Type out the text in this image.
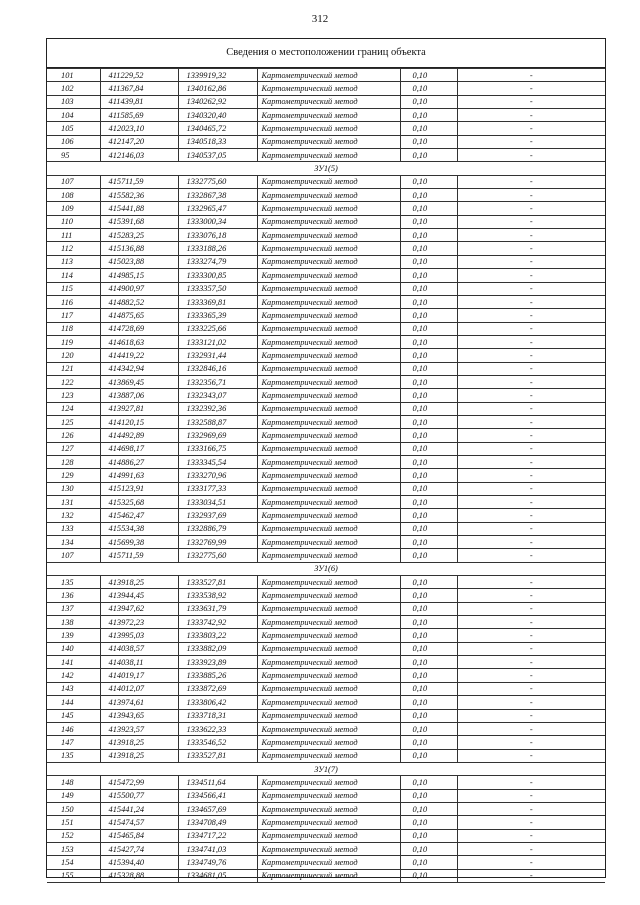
312
Сведения о местоположении границ объекта
101	411229,52	1339919,32	Картометрический метод	0,10	-
102	411367,84	1340162,86	Картометрический метод	0,10	-
103	411439,81	1340262,92	Картометрический метод	0,10	-
104	411585,69	1340320,40	Картометрический метод	0,10	-
105	412023,10	1340465,72	Картометрический метод	0,10	-
106	412147,20	1340518,33	Картометрический метод	0,10	-
95	412146,03	1340537,05	Картометрический метод	0,10	-
ЗУ1(5)					
107	415711,59	1332775,60	Картометрический метод	0,10	-
108	415582,36	1332867,38	Картометрический метод	0,10	-
109	415441,88	1332965,47	Картометрический метод	0,10	-
110	415391,68	1333000,34	Картометрический метод	0,10	-
111	415283,25	1333076,18	Картометрический метод	0,10	-
112	415136,88	1333188,26	Картометрический метод	0,10	-
113	415023,88	1333274,79	Картометрический метод	0,10	-
114	414985,15	1333300,85	Картометрический метод	0,10	-
115	414900,97	1333357,50	Картометрический метод	0,10	-
116	414882,52	1333369,81	Картометрический метод	0,10	-
117	414875,65	1333365,39	Картометрический метод	0,10	-
118	414728,69	1333225,66	Картометрический метод	0,10	-
119	414618,63	1333121,02	Картометрический метод	0,10	-
120	414419,22	1332931,44	Картометрический метод	0,10	-
121	414342,94	1332846,16	Картометрический метод	0,10	-
122	413869,45	1332356,71	Картометрический метод	0,10	-
123	413887,06	1332343,07	Картометрический метод	0,10	-
124	413927,81	1332392,36	Картометрический метод	0,10	-
125	414120,15	1332588,87	Картометрический метод	0,10	-
126	414492,89	1332969,69	Картометрический метод	0,10	-
127	414698,17	1333166,75	Картометрический метод	0,10	-
128	414886,27	1333345,54	Картометрический метод	0,10	-
129	414991,63	1333270,96	Картометрический метод	0,10	-
130	415123,91	1333177,33	Картометрический метод	0,10	-
131	415325,68	1333034,51	Картометрический метод	0,10	-
132	415462,47	1332937,69	Картометрический метод	0,10	-
133	415534,38	1332886,79	Картометрический метод	0,10	-
134	415699,38	1332769,99	Картометрический метод	0,10	-
107	415711,59	1332775,60	Картометрический метод	0,10	-
ЗУ1(6)					
135	413918,25	1333527,81	Картометрический метод	0,10	-
136	413944,45	1333538,92	Картометрический метод	0,10	-
137	413947,62	1333631,79	Картометрический метод	0,10	-
138	413972,23	1333742,92	Картометрический метод	0,10	-
139	413995,03	1333803,22	Картометрический метод	0,10	-
140	414038,57	1333882,09	Картометрический метод	0,10	-
141	414038,11	1333923,89	Картометрический метод	0,10	-
142	414019,17	1333885,26	Картометрический метод	0,10	-
143	414012,07	1333872,69	Картометрический метод	0,10	-
144	413974,61	1333806,42	Картометрический метод	0,10	-
145	413943,65	1333718,31	Картометрический метод	0,10	-
146	413923,57	1333622,33	Картометрический метод	0,10	-
147	413918,25	1333546,52	Картометрический метод	0,10	-
135	413918,25	1333527,81	Картометрический метод	0,10	-
ЗУ1(7)					
148	415472,99	1334511,64	Картометрический метод	0,10	-
149	415500,77	1334566,41	Картометрический метод	0,10	-
150	415441,24	1334657,69	Картометрический метод	0,10	-
151	415474,57	1334708,49	Картометрический метод	0,10	-
152	415465,84	1334717,22	Картометрический метод	0,10	-
153	415427,74	1334741,03	Картометрический метод	0,10	-
154	415394,40	1334749,76	Картометрический метод	0,10	-
155	415328,88	1334681,05	Картометрический метод	0,10	-
